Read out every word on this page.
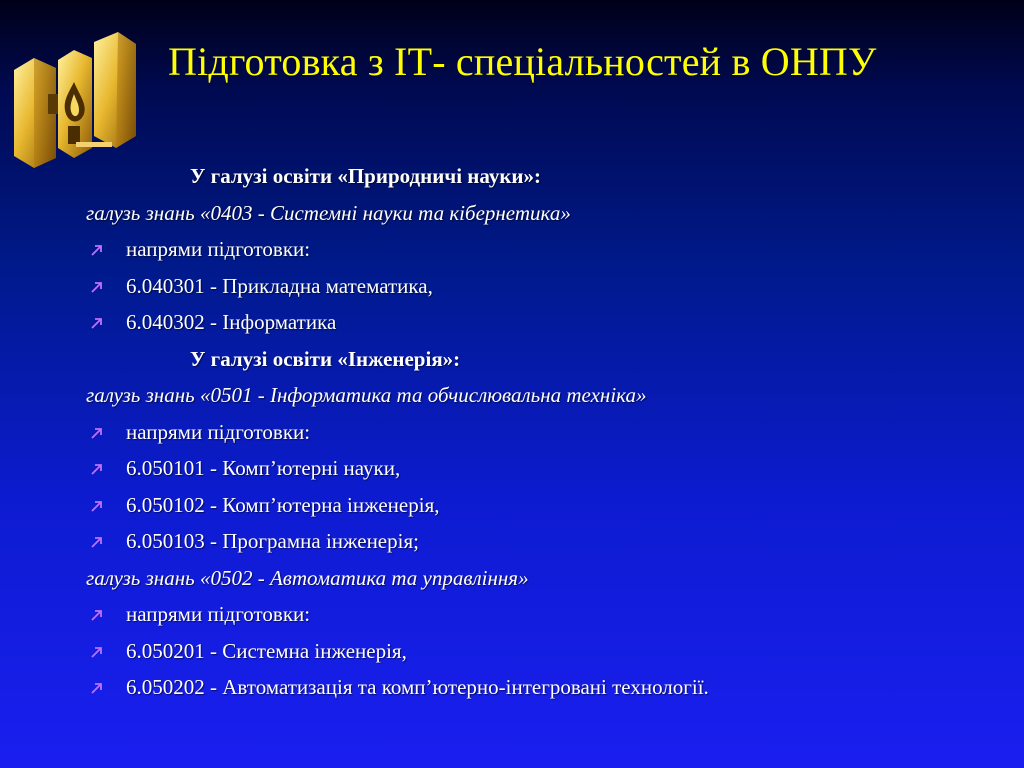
Підготовка з ІТ- спеціальностей в ОНПУ
У галузі освіти «Природничі науки»:
галузь знань «0403 - Системні науки та кібернетика»
напрями підготовки:
6.040301 - Прикладна математика,
6.040302 - Інформатика
У галузі освіти «Інженерія»:
галузь знань «0501 - Інформатика та обчислювальна техніка»
напрями підготовки:
6.050101 - Комп’ютерні науки,
6.050102 - Комп’ютерна інженерія,
6.050103 - Програмна інженерія;
галузь знань «0502 - Автоматика та управління»
напрями підготовки:
6.050201 - Системна інженерія,
6.050202 - Автоматизація та комп’ютерно-інтегровані технології.
